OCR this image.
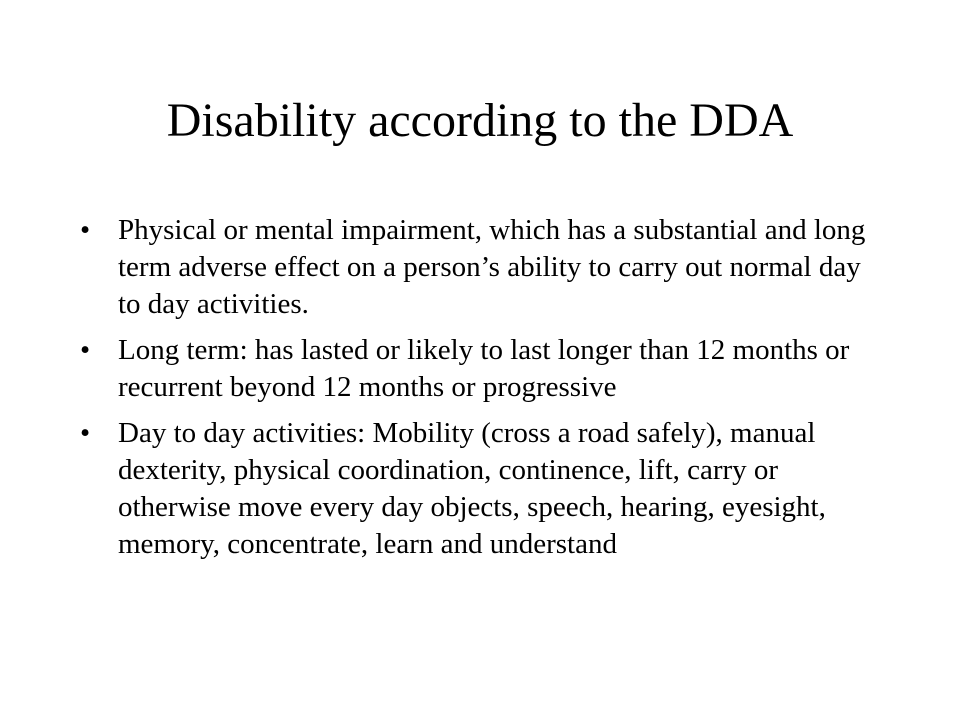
Disability according to the DDA
• Physical or mental impairment, which has a substantial and long term adverse effect on a person’s ability to carry out normal day to day activities.
• Long term: has lasted or likely to last longer than 12 months or recurrent beyond 12 months or progressive
• Day to day activities: Mobility (cross a road safely), manual dexterity, physical coordination, continence, lift, carry or otherwise move every day objects, speech, hearing, eyesight, memory, concentrate, learn and understand
